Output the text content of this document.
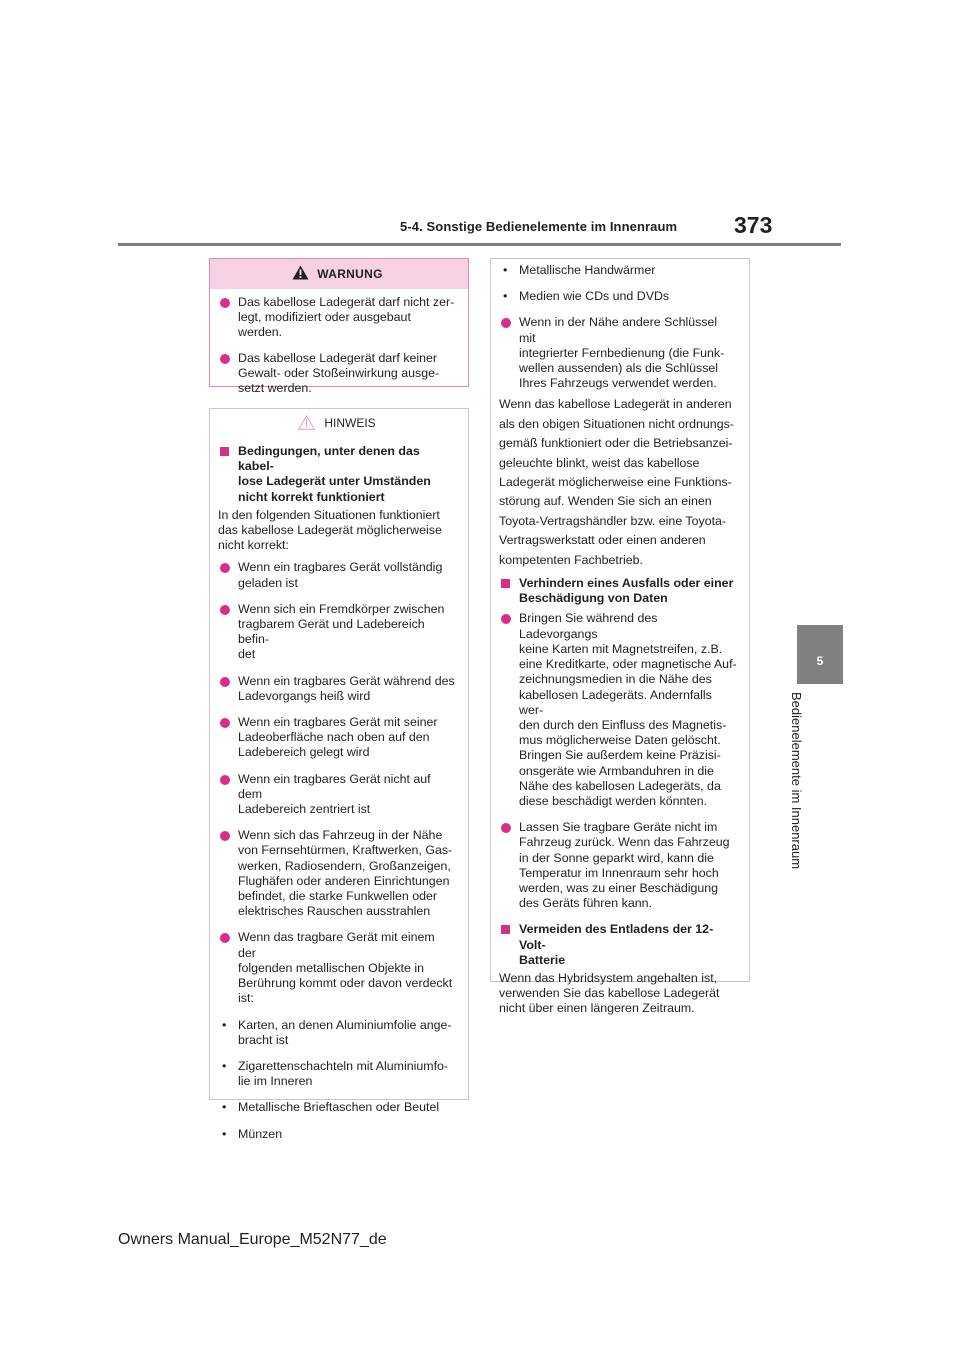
5-4. Sonstige Bedienelemente im Innenraum 373
5
Bedienelemente im Innenraum
WARNUNG

Das kabellose Ladegerät darf nicht zer-
legt, modifiziert oder ausgebaut werden.

Das kabellose Ladegerät darf keiner
Gewalt- oder Stoßeinwirkung ausge-
setzt werden.

HINWEIS

Bedingungen, unter denen das kabel-
lose Ladegerät unter Umständen
nicht korrekt funktioniert

In den folgenden Situationen funktioniert
das kabellose Ladegerät möglicherweise
nicht korrekt:

Wenn ein tragbares Gerät vollständig
geladen ist

Wenn sich ein Fremdkörper zwischen
tragbarem Gerät und Ladebereich befin-
det

Wenn ein tragbares Gerät während des
Ladevorgangs heiß wird

Wenn ein tragbares Gerät mit seiner
Ladeoberfläche nach oben auf den
Ladebereich gelegt wird

Wenn ein tragbares Gerät nicht auf dem
Ladebereich zentriert ist

Wenn sich das Fahrzeug in der Nähe
von Fernsehtürmen, Kraftwerken, Gas-
werken, Radiosendern, Großanzeigen,
Flughäfen oder anderen Einrichtungen
befindet, die starke Funkwellen oder
elektrisches Rauschen ausstrahlen

Wenn das tragbare Gerät mit einem der
folgenden metallischen Objekte in
Berührung kommt oder davon verdeckt
ist:

• Karten, an denen Aluminiumfolie ange-
bracht ist

• Zigarettenschachteln mit Aluminiumfo-
lie im Inneren

• Metallische Brieftaschen oder Beutel

• Münzen

• Metallische Handwärmer

• Medien wie CDs und DVDs

Wenn in der Nähe andere Schlüssel mit
integrierter Fernbedienung (die Funk-
wellen aussenden) als die Schlüssel
Ihres Fahrzeugs verwendet werden.

Wenn das kabellose Ladegerät in anderen

als den obigen Situationen nicht ordnungs-

gemäß funktioniert oder die Betriebsanzei-

geleuchte blinkt, weist das kabellose

Ladegerät möglicherweise eine Funktions-

störung auf. Wenden Sie sich an einen

Toyota-Vertragshändler bzw. eine Toyota-

Vertragswerkstatt oder einen anderen

kompetenten Fachbetrieb.

Verhindern eines Ausfalls oder einer
Beschädigung von Daten

Bringen Sie während des Ladevorgangs
keine Karten mit Magnetstreifen, z.B.
eine Kreditkarte, oder magnetische Auf-
zeichnungsmedien in die Nähe des
kabellosen Ladegeräts. Andernfalls wer-
den durch den Einfluss des Magnetis-
mus möglicherweise Daten gelöscht.
Bringen Sie außerdem keine Präzisi-
onsgeräte wie Armbanduhren in die
Nähe des kabellosen Ladegeräts, da
diese beschädigt werden könnten.

Lassen Sie tragbare Geräte nicht im
Fahrzeug zurück. Wenn das Fahrzeug
in der Sonne geparkt wird, kann die
Temperatur im Innenraum sehr hoch
werden, was zu einer Beschädigung
des Geräts führen kann.

Vermeiden des Entladens der 12-Volt-
Batterie

Wenn das Hybridsystem angehalten ist,
verwenden Sie das kabellose Ladegerät
nicht über einen längeren Zeitraum.

Owners Manual_Europe_M52N77_de
